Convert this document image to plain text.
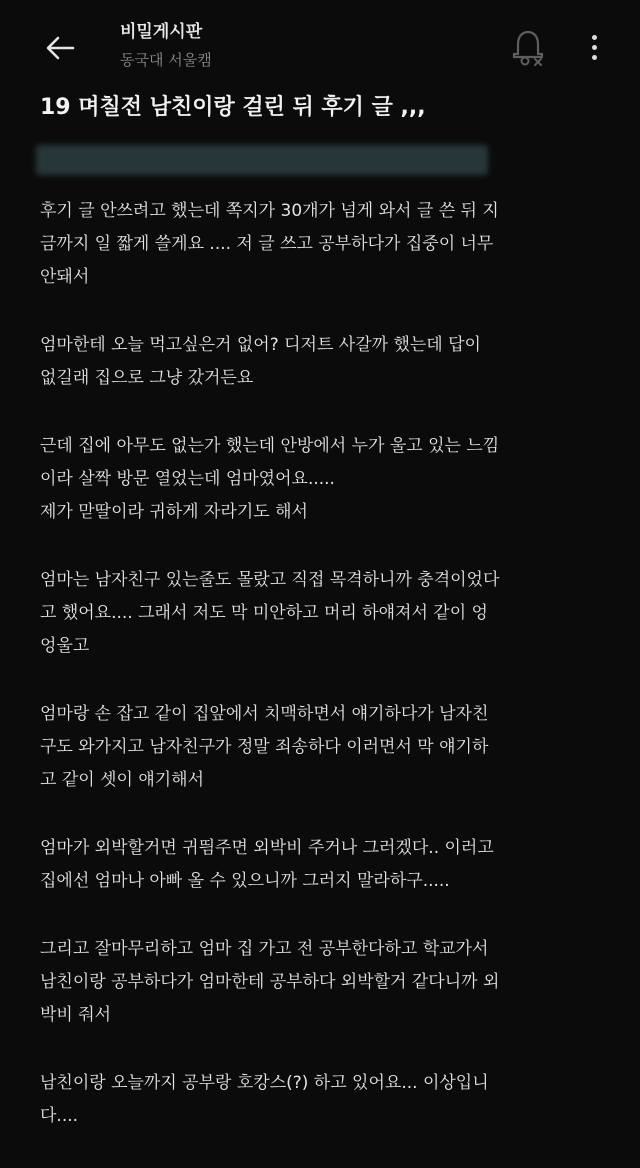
비밀게시판
동국대 서울캠
19 며칠전 남친이랑 걸린 뒤 후기 글 ,,,

후기 글 안쓰려고 했는데 쪽지가 30개가 넘게 와서 글 쓴 뒤 지
금까지 일 짧게 쓸게요 .... 저 글 쓰고 공부하다가 집중이 너무
안돼서

엄마한테 오늘 먹고싶은거 없어? 디저트 사갈까 했는데 답이
없길래 집으로 그냥 갔거든요

근데 집에 아무도 없는가 했는데 안방에서 누가 울고 있는 느낌
이라 살짝 방문 열었는데 엄마였어요.....
제가 맏딸이라 귀하게 자라기도 해서

엄마는 남자친구 있는줄도 몰랐고 직접 목격하니까 충격이었다
고 했어요.... 그래서 저도 막 미안하고 머리 하얘져서 같이 엉
엉울고

엄마랑 손 잡고 같이 집앞에서 치맥하면서 얘기하다가 남자친
구도 와가지고 남자친구가 정말 죄송하다 이러면서 막 얘기하
고 같이 셋이 얘기해서

엄마가 외박할거면 귀띔주면 외박비 주거나 그러겠다.. 이러고
집에선 엄마나 아빠 올 수 있으니까 그러지 말라하구.....

그리고 잘마무리하고 엄마 집 가고 전 공부한다하고 학교가서
남친이랑 공부하다가 엄마한테 공부하다 외박할거 같다니까 외
박비 줘서

남친이랑 오늘까지 공부랑 호캉스(?) 하고 있어요... 이상입니
다....
